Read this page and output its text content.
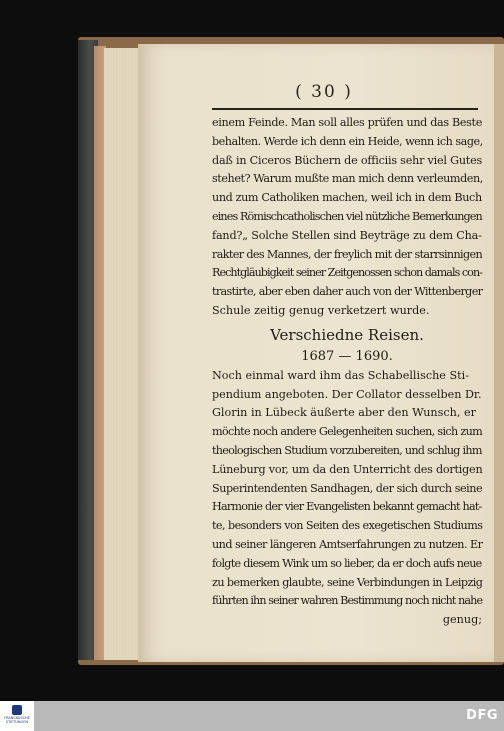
( 30 )
einem Feinde. Man soll alles prüfen und das Beste
behalten. Werde ich denn ein Heide, wenn ich sage,
daß in Ciceros Büchern de officiis sehr viel Gutes
stehet? Warum mußte man mich denn verleumden,
und zum Catholiken machen, weil ich in dem Buch
eines Römischcatholischen viel nützliche Bemerkungen
fand?„ Solche Stellen sind Beyträge zu dem Cha-
rakter des Mannes, der freylich mit der starrsinnigen
Rechtgläubigkeit seiner Zeitgenossen schon damals con-
trastirte, aber eben daher auch von der Wittenberger
Schule zeitig genug verketzert wurde.
Verschiedne Reisen.
1687 — 1690.
Noch einmal ward ihm das Schabellische Sti-
pendium angeboten. Der Collator desselben Dr.
Glorin in Lübeck äußerte aber den Wunsch, er
möchte noch andere Gelegenheiten suchen, sich zum
theologischen Studium vorzubereiten, und schlug ihm
Lüneburg vor, um da den Unterricht des dortigen
Superintendenten Sandhagen, der sich durch seine
Harmonie der vier Evangelisten bekannt gemacht hat-
te, besonders von Seiten des exegetischen Studiums
und seiner längeren Amtserfahrungen zu nutzen. Er
folgte diesem Wink um so lieber, da er doch aufs neue
zu bemerken glaubte, seine Verbindungen in Leipzig
führten ihn seiner wahren Bestimmung noch nicht nahe
genug;
FRANCKESCHE STIFTUNGEN	DFG
